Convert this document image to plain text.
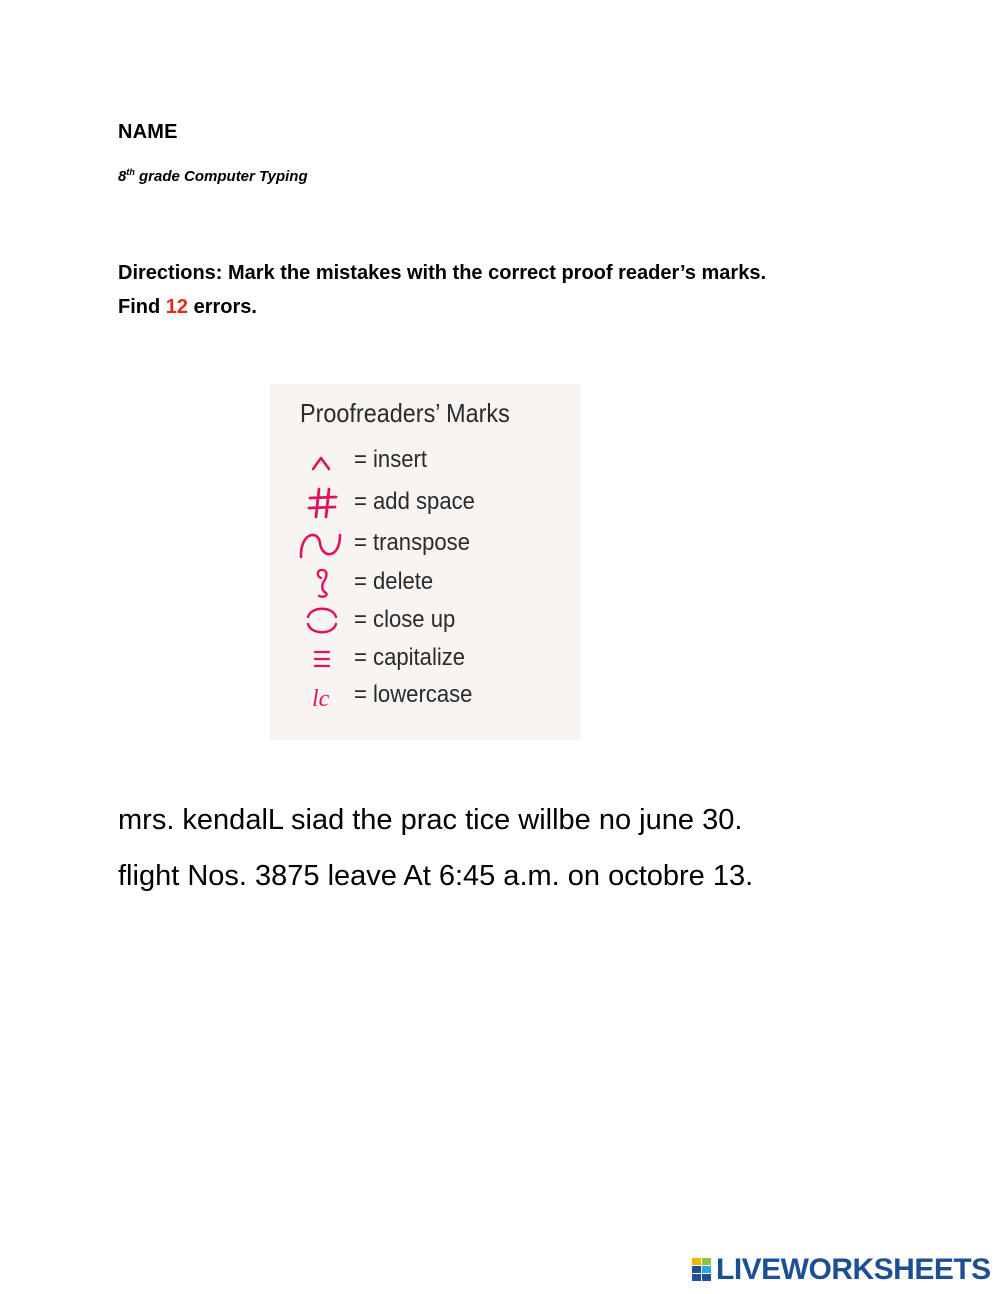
NAME
8th grade Computer Typing
Directions: Mark the mistakes with the correct proof reader’s marks.
Find 12 errors.
Proofreaders’ Marks
= insert
= add space
= transpose
= delete
= close up
= capitalize
lc = lowercase
mrs. kendalL siad the prac tice willbe no june 30.
flight Nos. 3875 leave At 6:45 a.m. on octobre 13.
LIVEWORKSHEETS
